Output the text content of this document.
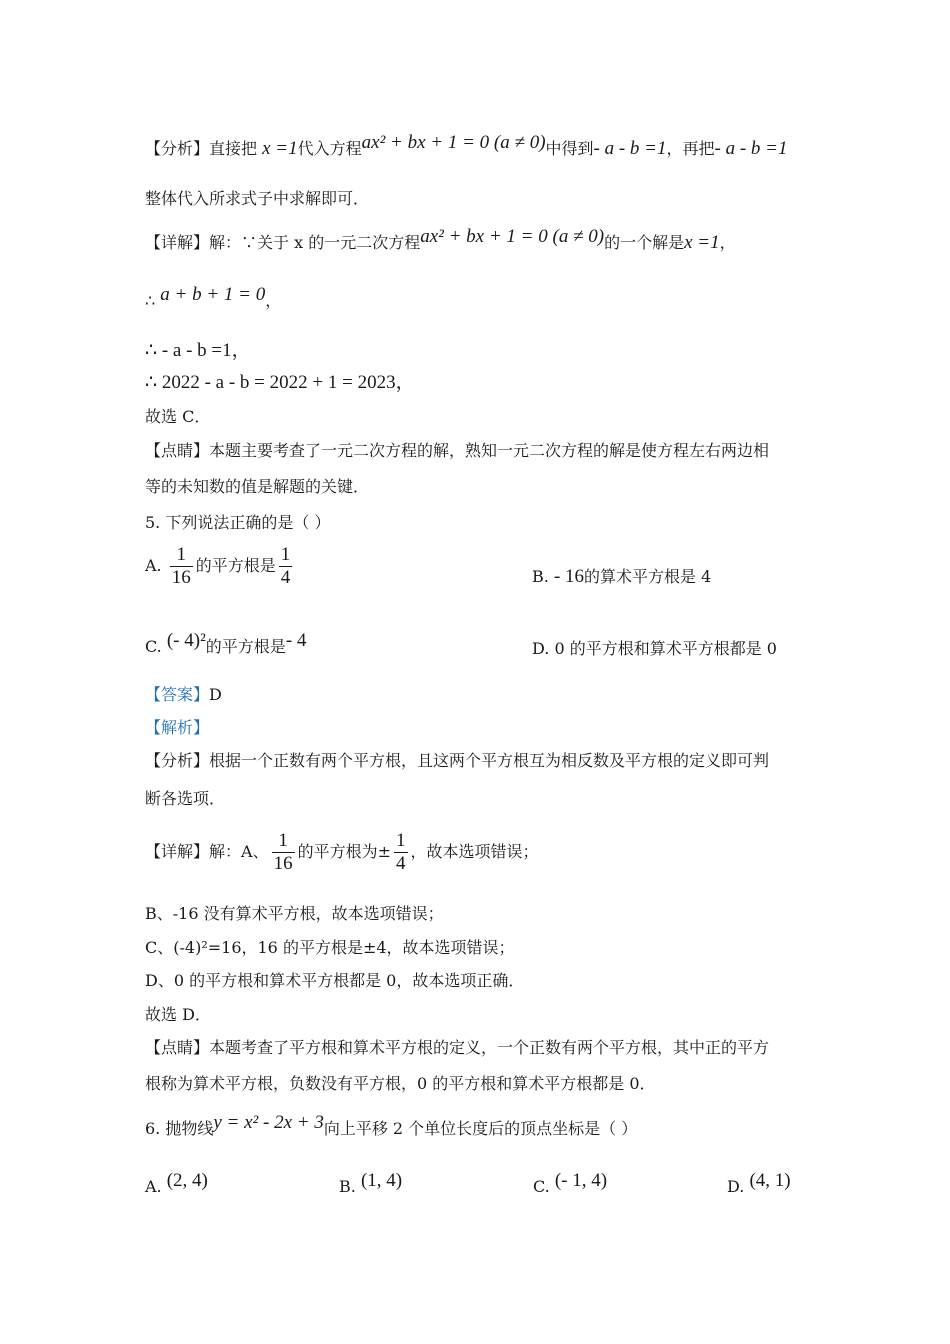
【分析】直接把 x =1代入方程ax² + bx + 1 = 0 (a ≠ 0)中得到- a - b =1，再把- a - b =1
整体代入所求式子中求解即可．
【详解】解：∵关于 x 的一元二次方程ax² + bx + 1 = 0 (a ≠ 0)的一个解是x =1，
∴ a + b + 1 = 0，
∴ - a - b =1，
∴ 2022 - a - b = 2022 + 1 = 2023，
故选 C．
【点睛】本题主要考查了一元二次方程的解，熟知一元二次方程的解是使方程左右两边相
等的未知数的值是解题的关键．
5. 下列说法正确的是（ ）
A. $\frac{1}{16}$ 的平方根是 $\frac{1}{4}$	B. - 16的算术平方根是 4
C. (- 4)²的平方根是- 4	D. 0 的平方根和算术平方根都是 0
【答案】D
【解析】
【分析】根据一个正数有两个平方根，且这两个平方根互为相反数及平方根的定义即可判
断各选项．
【详解】解：A、 $\frac{1}{16}$ 的平方根为± $\frac{1}{4}$ ，故本选项错误；
B、-16 没有算术平方根，故本选项错误；
C、(-4)²=16，16 的平方根是±4，故本选项错误；
D、0 的平方根和算术平方根都是 0，故本选项正确．
故选 D．
【点睛】本题考查了平方根和算术平方根的定义，一个正数有两个平方根，其中正的平方
根称为算术平方根，负数没有平方根，0 的平方根和算术平方根都是 0．
6. 抛物线y = x² - 2x + 3向上平移 2 个单位长度后的顶点坐标是（ ）
A. (2, 4)	B. (1, 4)	C. (- 1, 4)	D. (4, 1)
